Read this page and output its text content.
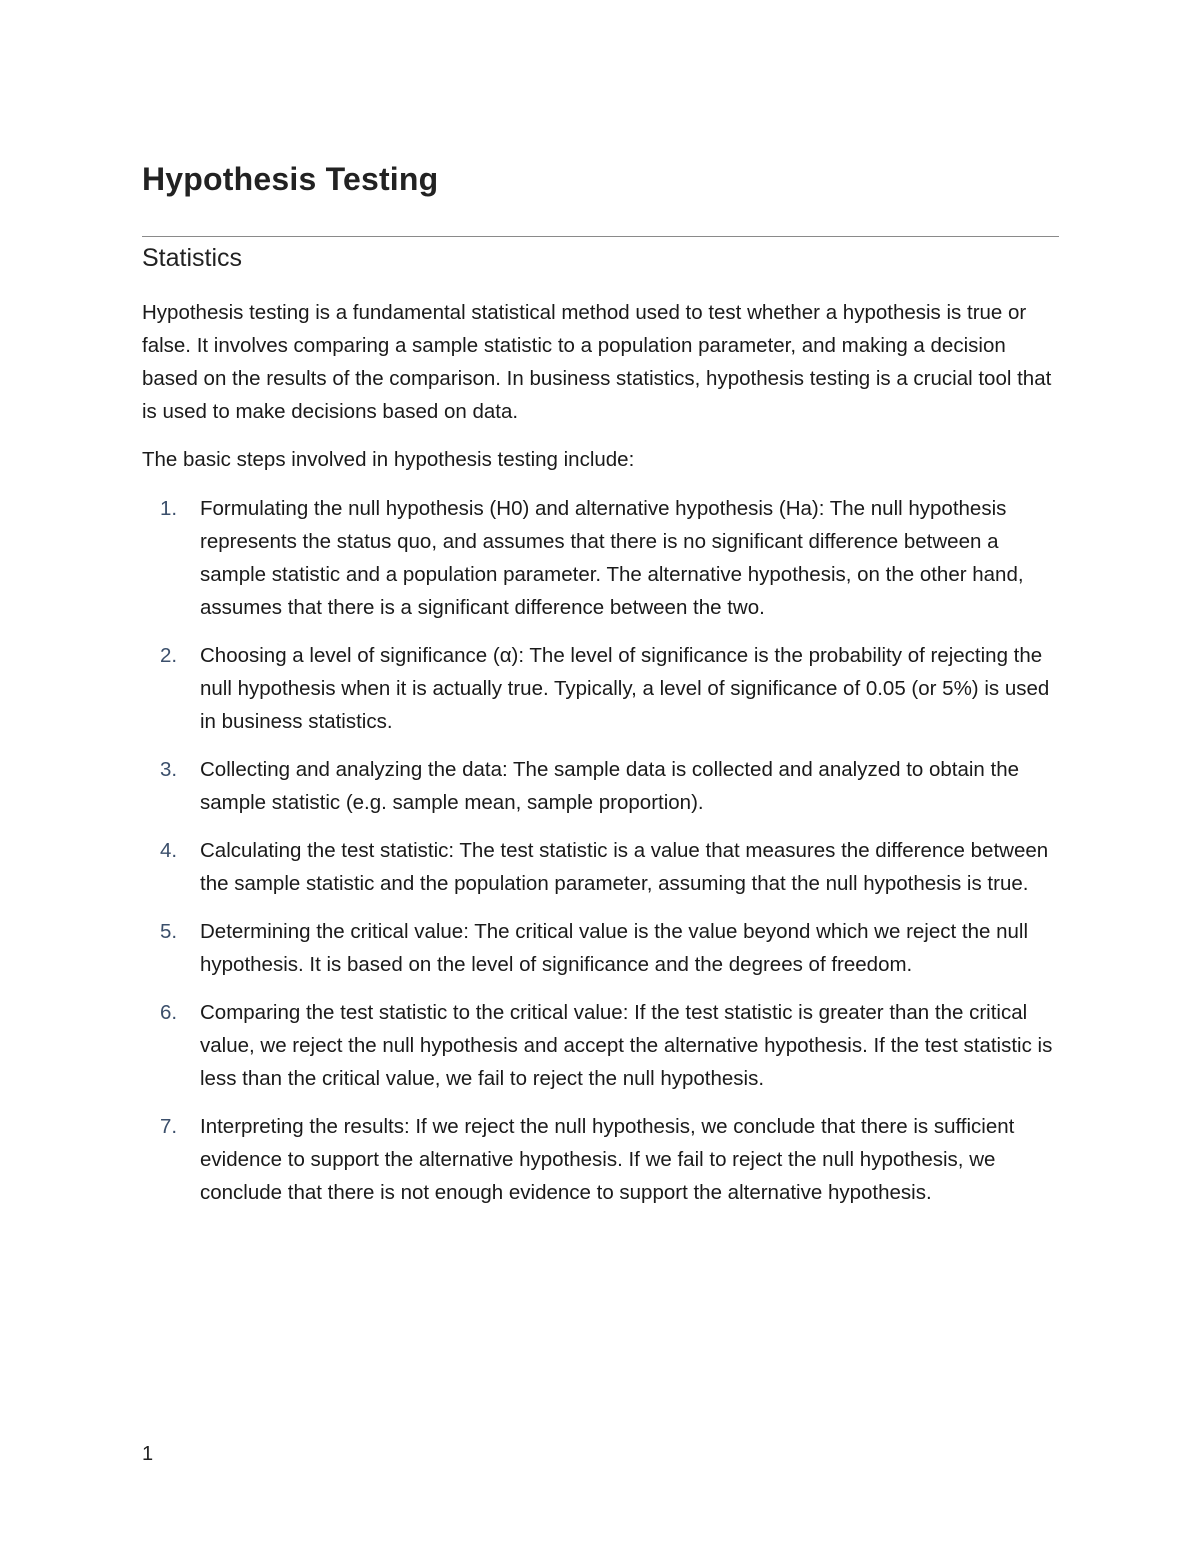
Hypothesis Testing
Statistics

Hypothesis testing is a fundamental statistical method used to test whether a hypothesis is true or false. It involves comparing a sample statistic to a population parameter, and making a decision based on the results of the comparison. In business statistics, hypothesis testing is a crucial tool that is used to make decisions based on data.

The basic steps involved in hypothesis testing include:

1. Formulating the null hypothesis (H0) and alternative hypothesis (Ha): The null hypothesis represents the status quo, and assumes that there is no significant difference between a sample statistic and a population parameter. The alternative hypothesis, on the other hand, assumes that there is a significant difference between the two.
2. Choosing a level of significance (α): The level of significance is the probability of rejecting the null hypothesis when it is actually true. Typically, a level of significance of 0.05 (or 5%) is used in business statistics.
3. Collecting and analyzing the data: The sample data is collected and analyzed to obtain the sample statistic (e.g. sample mean, sample proportion).
4. Calculating the test statistic: The test statistic is a value that measures the difference between the sample statistic and the population parameter, assuming that the null hypothesis is true.
5. Determining the critical value: The critical value is the value beyond which we reject the null hypothesis. It is based on the level of significance and the degrees of freedom.
6. Comparing the test statistic to the critical value: If the test statistic is greater than the critical value, we reject the null hypothesis and accept the alternative hypothesis. If the test statistic is less than the critical value, we fail to reject the null hypothesis.
7. Interpreting the results: If we reject the null hypothesis, we conclude that there is sufficient evidence to support the alternative hypothesis. If we fail to reject the null hypothesis, we conclude that there is not enough evidence to support the alternative hypothesis.
1
